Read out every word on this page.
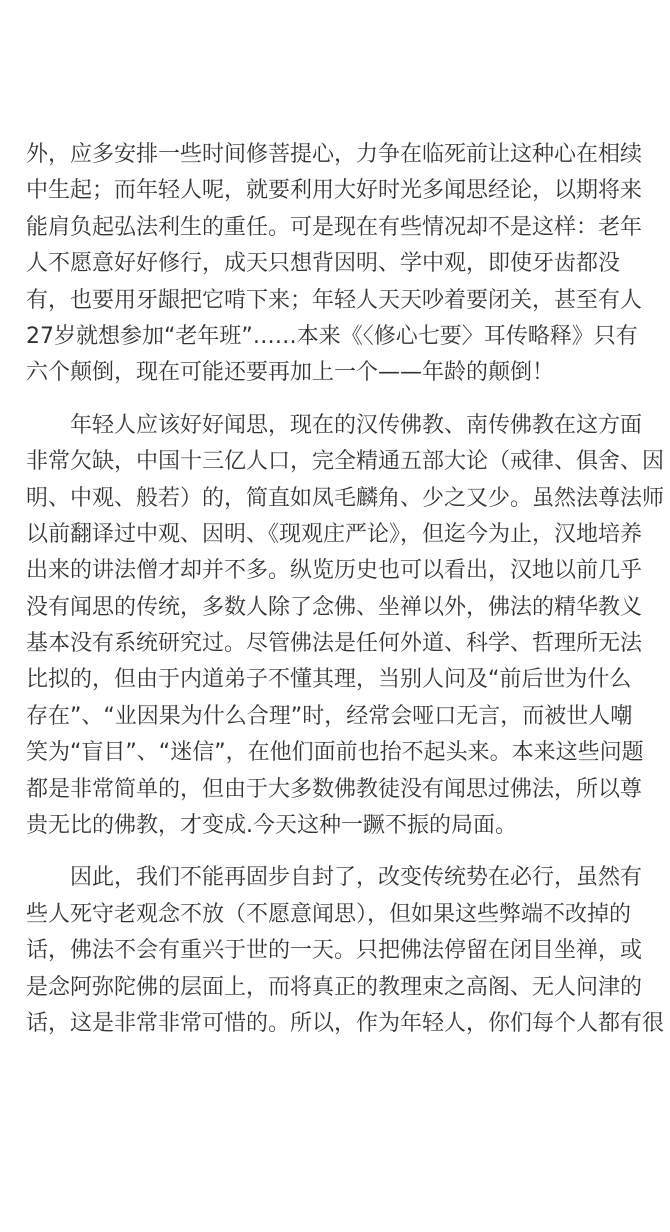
外，应多安排一些时间修菩提心，力争在临死前让这种心在相续
中生起；而年轻人呢，就要利用大好时光多闻思经论，以期将来
能肩负起弘法利生的重任。可是现在有些情况却不是这样：老年
人不愿意好好修行，成天只想背因明、学中观，即使牙齿都没
有，也要用牙龈把它啃下来；年轻人天天吵着要闭关，甚至有人
27岁就想参加“老年班”……本来《〈修心七要〉耳传略释》只有
六个颠倒，现在可能还要再加上一个——年龄的颠倒！

　　年轻人应该好好闻思，现在的汉传佛教、南传佛教在这方面
非常欠缺，中国十三亿人口，完全精通五部大论（戒律、俱舍、因
明、中观、般若）的，简直如凤毛麟角、少之又少。虽然法尊法师
以前翻译过中观、因明、《现观庄严论》，但迄今为止，汉地培养
出来的讲法僧才却并不多。纵览历史也可以看出，汉地以前几乎
没有闻思的传统，多数人除了念佛、坐禅以外，佛法的精华教义
基本没有系统研究过。尽管佛法是任何外道、科学、哲理所无法
比拟的，但由于内道弟子不懂其理，当别人问及“前后世为什么
存在”、“业因果为什么合理”时，经常会哑口无言，而被世人嘲
笑为“盲目”、“迷信”，在他们面前也抬不起头来。本来这些问题
都是非常简单的，但由于大多数佛教徒没有闻思过佛法，所以尊
贵无比的佛教，才变成.今天这种一蹶不振的局面。

　　因此，我们不能再固步自封了，改变传统势在必行，虽然有
些人死守老观念不放（不愿意闻思），但如果这些弊端不改掉的
话，佛法不会有重兴于世的一天。只把佛法停留在闭目坐禅，或
是念阿弥陀佛的层面上，而将真正的教理束之高阁、无人问津的
话，这是非常非常可惜的。所以，作为年轻人，你们每个人都有很
